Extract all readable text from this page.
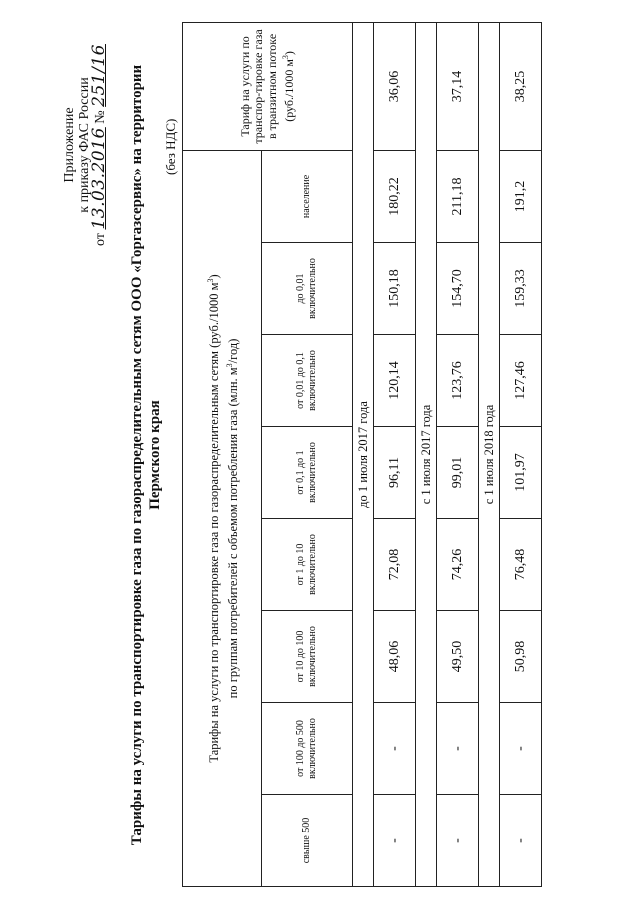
Приложение к приказу ФАС России
от 13.03.2016 № 251/16 Тарифы на услуги по транспортировке газа по газораспределительным сетям ООО «Горгазсервис» на территории Пермского края
(без НДС)
Тарифы на услуги по транспортировке газа по газораспределительным сетям (руб./1000 $м^3$)
по группам потребителей с объемом потребления газа (млн. $м^3/год$)								Тариф на услуги по транспор-тировке газа в транзитном потоке (руб./1000 $м^3$)
свыше 500	от 100 до 500 включительно	от 10 до 100 включительно	от 1 до 10 включительно	от 0,1 до 1 включительно	от 0,01 до 0,1 включительно	до 0,01 включительно	население	
до 1 июля 2017 года								
-	-	48,06	72,08	96,11	120,14	150,18	180,22	36,06
с 1 июля 2017 года								
-	-	49,50	74,26	99,01	123,76	154,70	211,18	37,14
с 1 июля 2018 года								
-	-	50,98	76,48	101,97	127,46	159,33	191,2	38,25
